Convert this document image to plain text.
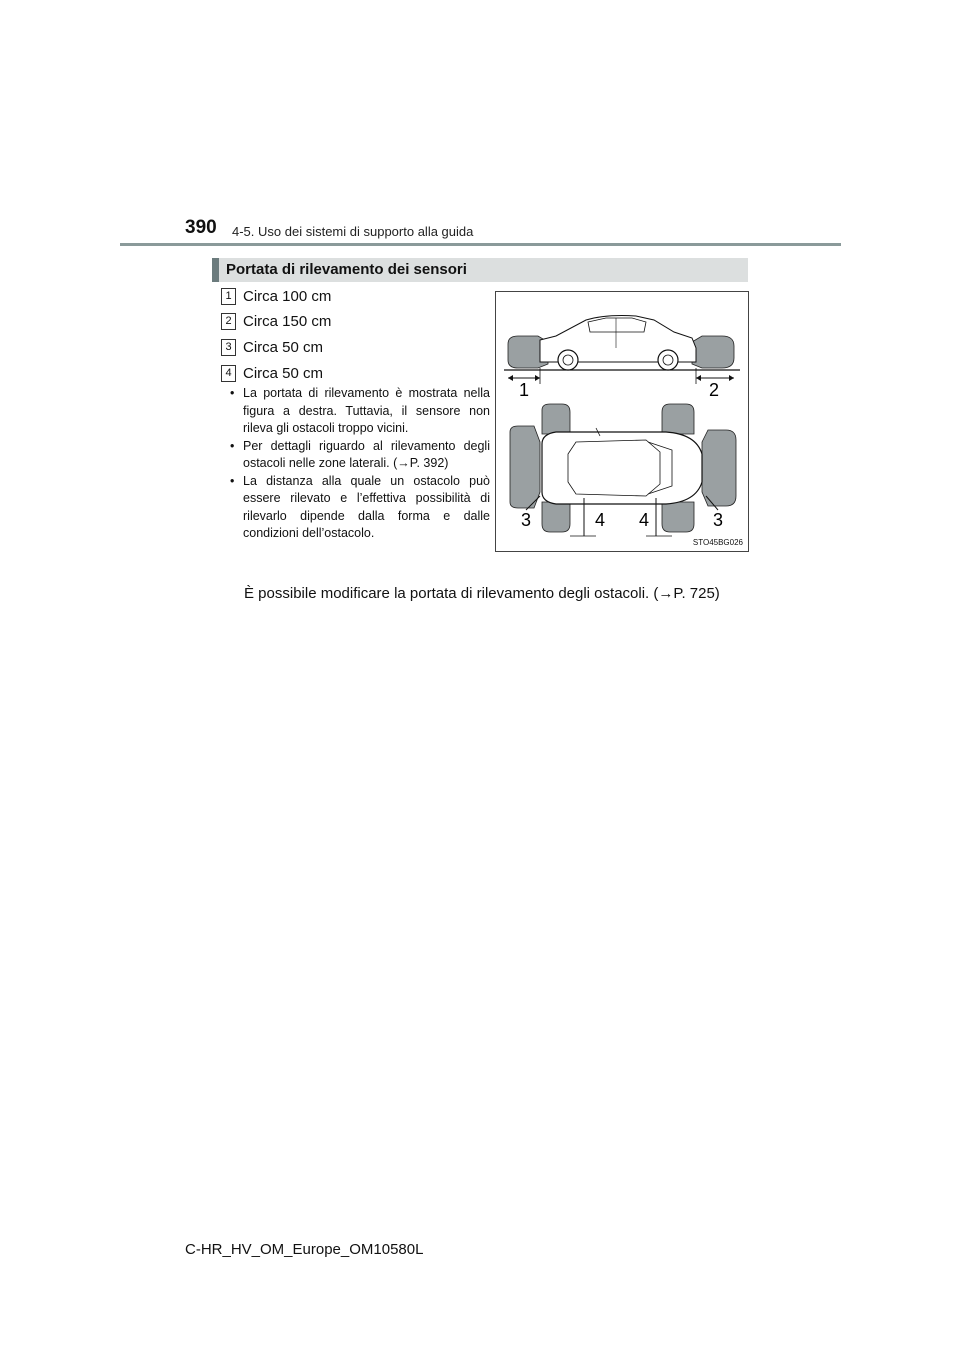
390 4-5. Uso dei sistemi di supporto alla guida
Portata di rilevamento dei sensori
1 Circa 100 cm
2 Circa 150 cm
3 Circa 50 cm
4 Circa 50 cm

• La portata di rilevamento è mostrata nella figura a destra. Tuttavia, il sensore non rileva gli ostacoli troppo vicini.

• Per dettagli riguardo al rilevamento degli ostacoli nelle zone laterali. (→P. 392)

• La distanza alla quale un ostacolo può essere rilevato e l’effettiva possibilità di rilevarlo dipende dalla forma e dalle condizioni dell’ostacolo.

È possibile modificare la portata di rilevamento degli ostacoli. (→P. 725)
1	2
3	4 4	3
STO45BG026
C-HR_HV_OM_Europe_OM10580L
